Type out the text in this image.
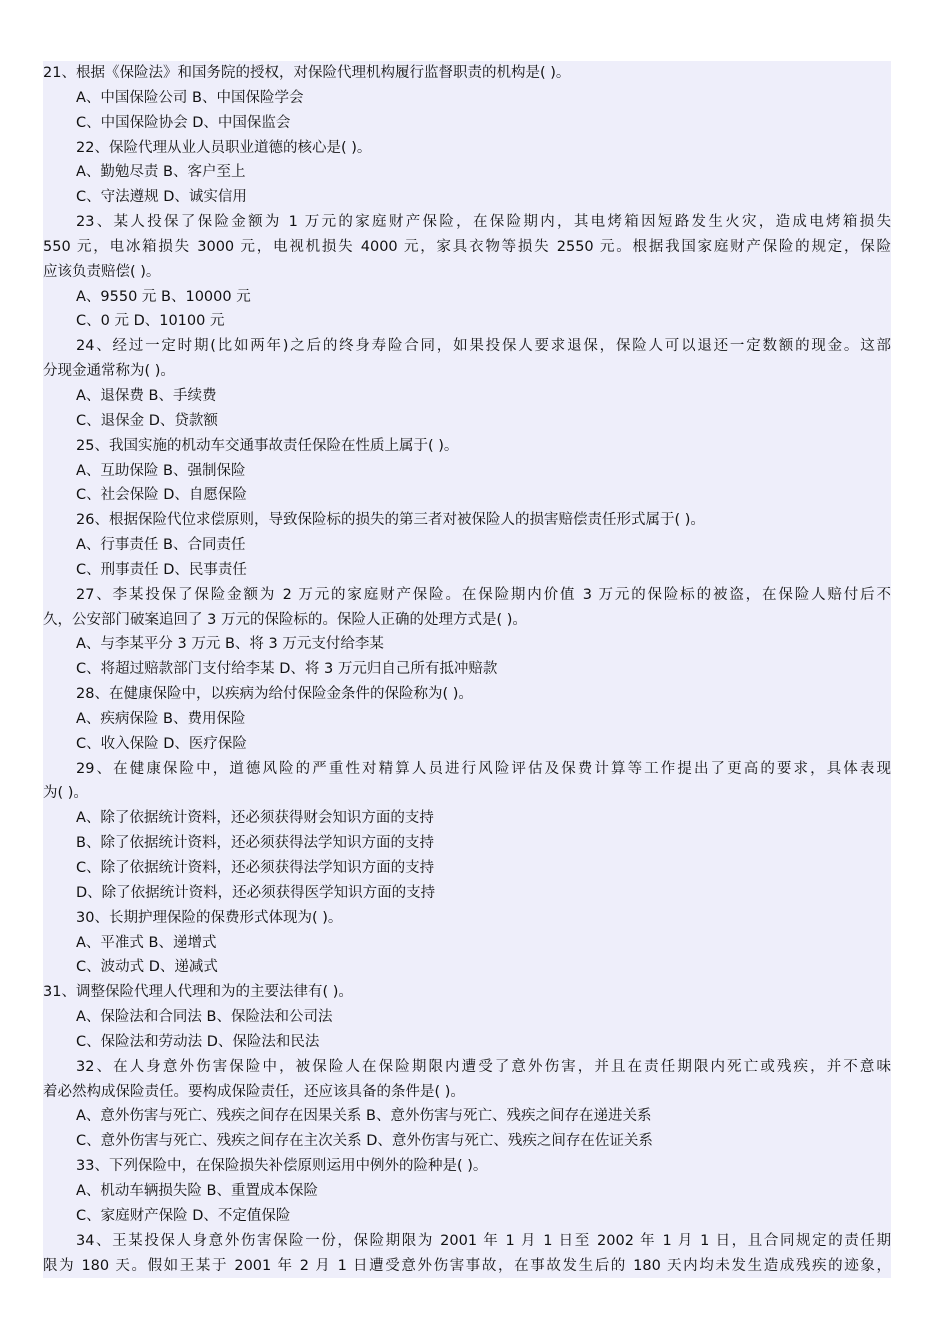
21、根据《保险法》和国务院的授权，对保险代理机构履行监督职责的机构是( )。
A、中国保险公司 B、中国保险学会
C、中国保险协会 D、中国保监会
22、保险代理从业人员职业道德的核心是( )。
A、勤勉尽责 B、客户至上
C、守法遵规 D、诚实信用
23、某人投保了保险金额为 1 万元的家庭财产保险，在保险期内，其电烤箱因短路发生火灾，造成电烤箱损失
550 元，电冰箱损失 3000 元，电视机损失 4000 元，家具衣物等损失 2550 元。根据我国家庭财产保险的规定，保险
应该负责赔偿( )。
A、9550 元 B、10000 元
C、0 元 D、10100 元
24、经过一定时期(比如两年)之后的终身寿险合同，如果投保人要求退保，保险人可以退还一定数额的现金。这部
分现金通常称为( )。
A、退保费 B、手续费
C、退保金 D、贷款额
25、我国实施的机动车交通事故责任保险在性质上属于( )。
A、互助保险 B、强制保险
C、社会保险 D、自愿保险
26、根据保险代位求偿原则，导致保险标的损失的第三者对被保险人的损害赔偿责任形式属于( )。
A、行事责任 B、合同责任
C、刑事责任 D、民事责任
27、李某投保了保险金额为 2 万元的家庭财产保险。在保险期内价值 3 万元的保险标的被盗，在保险人赔付后不
久，公安部门破案追回了 3 万元的保险标的。保险人正确的处理方式是( )。
A、与李某平分 3 万元 B、将 3 万元支付给李某
C、将超过赔款部门支付给李某 D、将 3 万元归自己所有抵冲赔款
28、在健康保险中，以疾病为给付保险金条件的保险称为( )。
A、疾病保险 B、费用保险
C、收入保险 D、医疗保险
29、在健康保险中，道德风险的严重性对精算人员进行风险评估及保费计算等工作提出了更高的要求，具体表现
为( )。
A、除了依据统计资料，还必须获得财会知识方面的支持
B、除了依据统计资料，还必须获得法学知识方面的支持
C、除了依据统计资料，还必须获得法学知识方面的支持
D、除了依据统计资料，还必须获得医学知识方面的支持
30、长期护理保险的保费形式体现为( )。
A、平准式 B、递增式
C、波动式 D、递减式
31、调整保险代理人代理和为的主要法律有( )。
A、保险法和合同法 B、保险法和公司法
C、保险法和劳动法 D、保险法和民法
32、在人身意外伤害保险中，被保险人在保险期限内遭受了意外伤害，并且在责任期限内死亡或残疾，并不意味
着必然构成保险责任。要构成保险责任，还应该具备的条件是( )。
A、意外伤害与死亡、残疾之间存在因果关系 B、意外伤害与死亡、残疾之间存在递进关系
C、意外伤害与死亡、残疾之间存在主次关系 D、意外伤害与死亡、残疾之间存在佐证关系
33、下列保险中，在保险损失补偿原则运用中例外的险种是( )。
A、机动车辆损失险 B、重置成本保险
C、家庭财产保险 D、不定值保险
34、王某投保人身意外伤害保险一份，保险期限为 2001 年 1 月 1 日至 2002 年 1 月 1 日，且合同规定的责任期
限为 180 天。假如王某于 2001 年 2 月 1 日遭受意外伤害事故，在事故发生后的 180 天内均未发生造成残疾的迹象，
